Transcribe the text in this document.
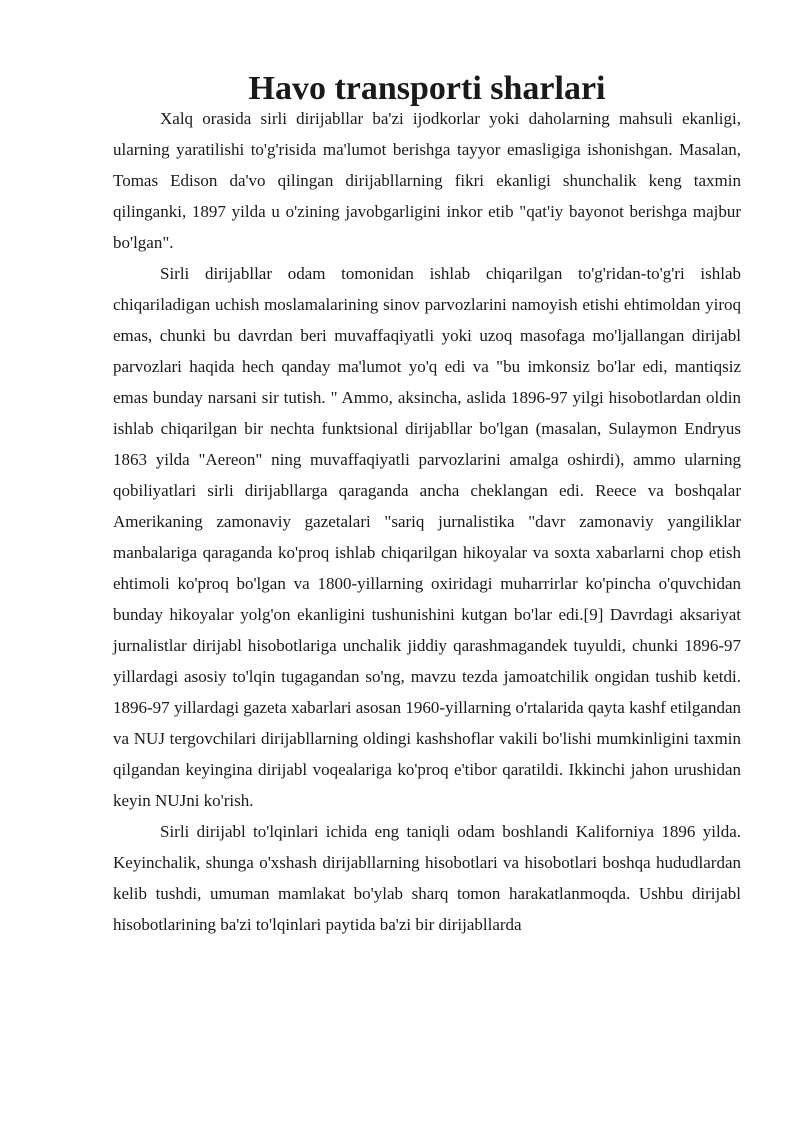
Havo transporti sharlari

Xalq orasida sirli dirijabllar ba'zi ijodkorlar yoki daholarning mahsuli ekanligi, ularning yaratilishi to'g'risida ma'lumot berishga tayyor emasligiga ishonishgan. Masalan, Tomas Edison da'vo qilingan dirijabllarning fikri ekanligi shunchalik keng taxmin qilinganki, 1897 yilda u o'zining javobgarligini inkor etib "qat'iy bayonot berishga majbur bo'lgan".

Sirli dirijabllar odam tomonidan ishlab chiqarilgan to'g'ridan-to'g'ri ishlab chiqariladigan uchish moslamalarining sinov parvozlarini namoyish etishi ehtimoldan yiroq emas, chunki bu davrdan beri muvaffaqiyatli yoki uzoq masofaga mo'ljallangan dirijabl parvozlari haqida hech qanday ma'lumot yo'q edi va "bu imkonsiz bo'lar edi, mantiqsiz emas bunday narsani sir tutish. " Ammo, aksincha, aslida 1896-97 yilgi hisobotlardan oldin ishlab chiqarilgan bir nechta funktsional dirijabllar bo'lgan (masalan, Sulaymon Endryus 1863 yilda "Aereon" ning muvaffaqiyatli parvozlarini amalga oshirdi), ammo ularning qobiliyatlari sirli dirijabllarga qaraganda ancha cheklangan edi. Reece va boshqalar Amerikaning zamonaviy gazetalari "sariq jurnalistika "davr zamonaviy yangiliklar manbalariga qaraganda ko'proq ishlab chiqarilgan hikoyalar va soxta xabarlarni chop etish ehtimoli ko'proq bo'lgan va 1800-yillarning oxiridagi muharrirlar ko'pincha o'quvchidan bunday hikoyalar yolg'on ekanligini tushunishini kutgan bo'lar edi.[9] Davrdagi aksariyat jurnalistlar dirijabl hisobotlariga unchalik jiddiy qarashmagandek tuyuldi, chunki 1896-97 yillardagi asosiy to'lqin tugagandan so'ng, mavzu tezda jamoatchilik ongidan tushib ketdi. 1896-97 yillardagi gazeta xabarlari asosan 1960-yillarning o'rtalarida qayta kashf etilgandan va NUJ tergovchilari dirijabllarning oldingi kashshoflar vakili bo'lishi mumkinligini taxmin qilgandan keyingina dirijabl voqealariga ko'proq e'tibor qaratildi. Ikkinchi jahon urushidan keyin NUJni ko'rish.

Sirli dirijabl to'lqinlari ichida eng taniqli odam boshlandi Kaliforniya 1896 yilda. Keyinchalik, shunga o'xshash dirijabllarning hisobotlari va hisobotlari boshqa hududlardan kelib tushdi, umuman mamlakat bo'ylab sharq tomon harakatlanmoqda. Ushbu dirijabl hisobotlarining ba'zi to'lqinlari paytida ba'zi bir dirijabllarda
